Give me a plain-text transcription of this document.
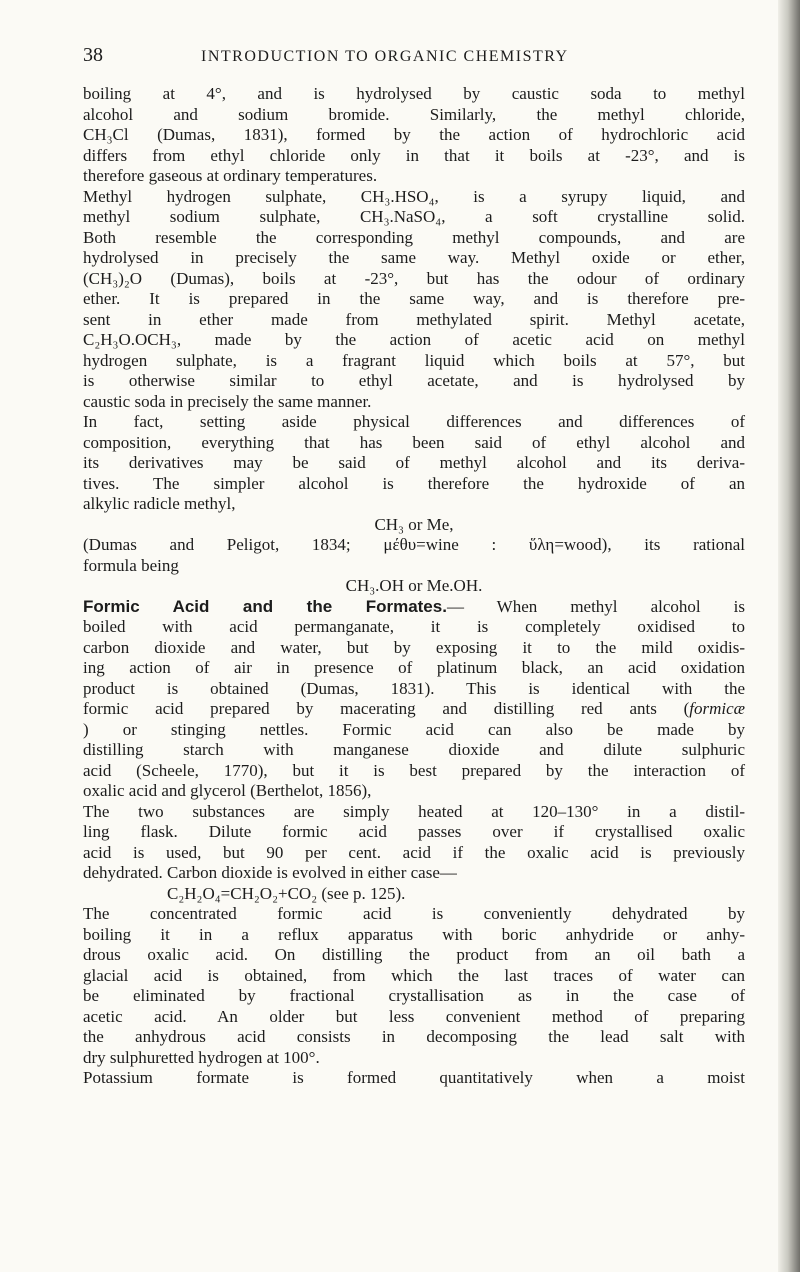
38	INTRODUCTION TO ORGANIC CHEMISTRY
boiling at 4°, and is hydrolysed by caustic soda to methyl
alcohol and sodium bromide. Similarly, the methyl chloride,
CH₃Cl (Dumas, 1831), formed by the action of hydrochloric acid
differs from ethyl chloride only in that it boils at -23°, and is
therefore gaseous at ordinary temperatures.
Methyl hydrogen sulphate, CH₃.HSO₄, is a syrupy liquid, and
methyl sodium sulphate, CH₃.NaSO₄, a soft crystalline solid.
Both resemble the corresponding methyl compounds, and are
hydrolysed in precisely the same way. Methyl oxide or ether,
(CH₃)₂O (Dumas), boils at -23°, but has the odour of ordinary
ether. It is prepared in the same way, and is therefore pre-
sent in ether made from methylated spirit. Methyl acetate,
C₂H₃O.OCH₃, made by the action of acetic acid on methyl
hydrogen sulphate, is a fragrant liquid which boils at 57°, but
is otherwise similar to ethyl acetate, and is hydrolysed by
caustic soda in precisely the same manner.
In fact, setting aside physical differences and differences of
composition, everything that has been said of ethyl alcohol and
its derivatives may be said of methyl alcohol and its deriva-
tives. The simpler alcohol is therefore the hydroxide of an
alkylic radicle methyl,
CH₃ or Me,
(Dumas and Peligot, 1834; μέθυ=wine : ὕλη=wood), its rational
formula being
CH₃.OH or Me.OH.
Formic Acid and the Formates.— When methyl alcohol is
boiled with acid permanganate, it is completely oxidised to
carbon dioxide and water, but by exposing it to the mild oxidis-
ing action of air in presence of platinum black, an acid oxidation
product is obtained (Dumas, 1831). This is identical with the
formic acid prepared by macerating and distilling red ants (formicæ
) or stinging nettles. Formic acid can also be made by
distilling starch with manganese dioxide and dilute sulphuric
acid (Scheele, 1770), but it is best prepared by the interaction of
oxalic acid and glycerol (Berthelot, 1856),
The two substances are simply heated at 120–130° in a distil-
ling flask. Dilute formic acid passes over if crystallised oxalic
acid is used, but 90 per cent. acid if the oxalic acid is previously
dehydrated. Carbon dioxide is evolved in either case—
C₂H₂O₄=CH₂O₂+CO₂ (see p. 125).
The concentrated formic acid is conveniently dehydrated by
boiling it in a reflux apparatus with boric anhydride or anhy-
drous oxalic acid. On distilling the product from an oil bath a
glacial acid is obtained, from which the last traces of water can
be eliminated by fractional crystallisation as in the case of
acetic acid. An older but less convenient method of preparing
the anhydrous acid consists in decomposing the lead salt with
dry sulphuretted hydrogen at 100°.
Potassium formate is formed quantitatively when a moist
